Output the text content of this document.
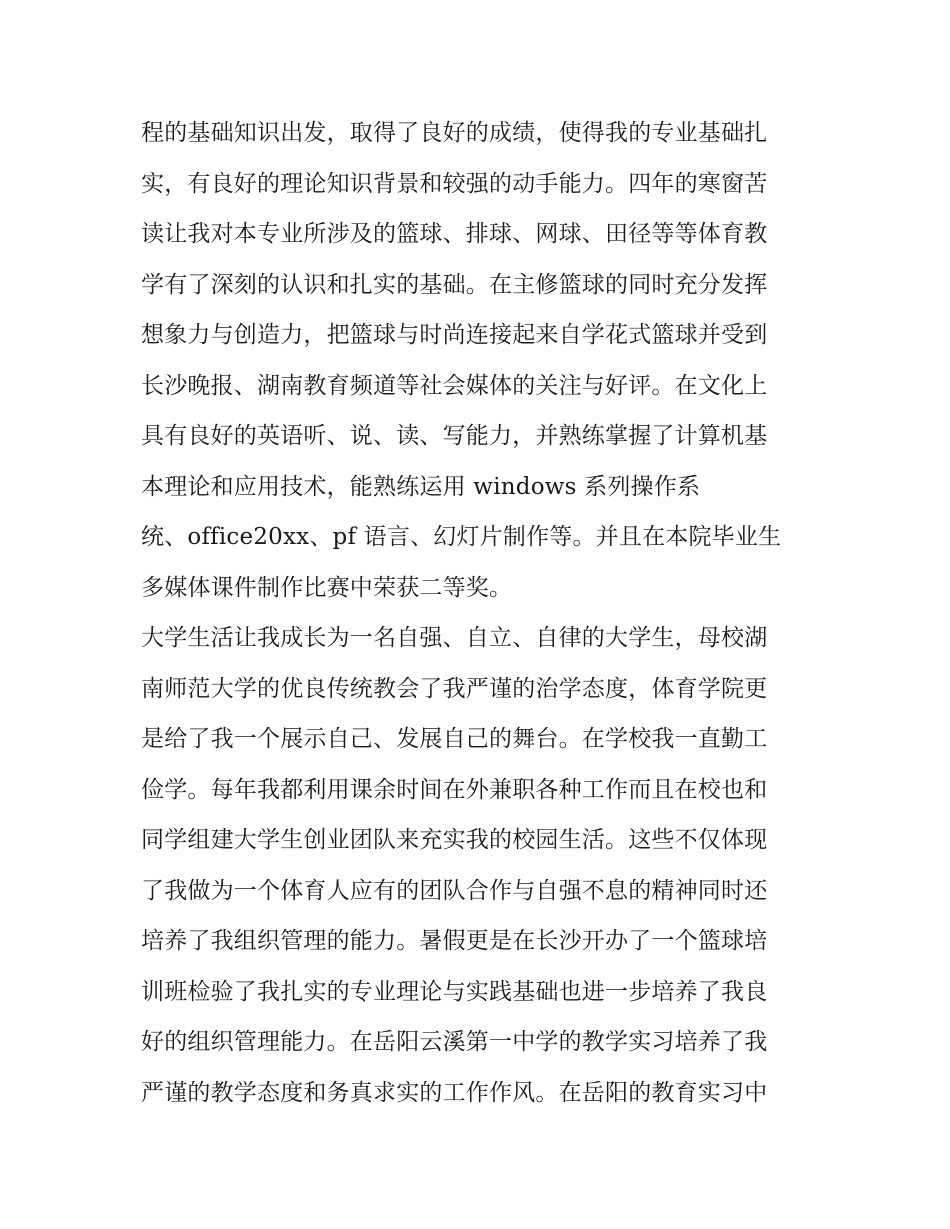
程的基础知识出发，取得了良好的成绩，使得我的专业基础扎
实，有良好的理论知识背景和较强的动手能力。四年的寒窗苦
读让我对本专业所涉及的篮球、排球、网球、田径等等体育教
学有了深刻的认识和扎实的基础。在主修篮球的同时充分发挥
想象力与创造力，把篮球与时尚连接起来自学花式篮球并受到
长沙晚报、湖南教育频道等社会媒体的关注与好评。在文化上
具有良好的英语听、说、读、写能力，并熟练掌握了计算机基
本理论和应用技术，能熟练运用 windows 系列操作系
统、office20xx、pf 语言、幻灯片制作等。并且在本院毕业生
多媒体课件制作比赛中荣获二等奖。
大学生活让我成长为一名自强、自立、自律的大学生，母校湖
南师范大学的优良传统教会了我严谨的治学态度，体育学院更
是给了我一个展示自己、发展自己的舞台。在学校我一直勤工
俭学。每年我都利用课余时间在外兼职各种工作而且在校也和
同学组建大学生创业团队来充实我的校园生活。这些不仅体现
了我做为一个体育人应有的团队合作与自强不息的精神同时还
培养了我组织管理的能力。暑假更是在长沙开办了一个篮球培
训班检验了我扎实的专业理论与实践基础也进一步培养了我良
好的组织管理能力。在岳阳云溪第一中学的教学实习培养了我
严谨的教学态度和务真求实的工作作风。在岳阳的教育实习中
